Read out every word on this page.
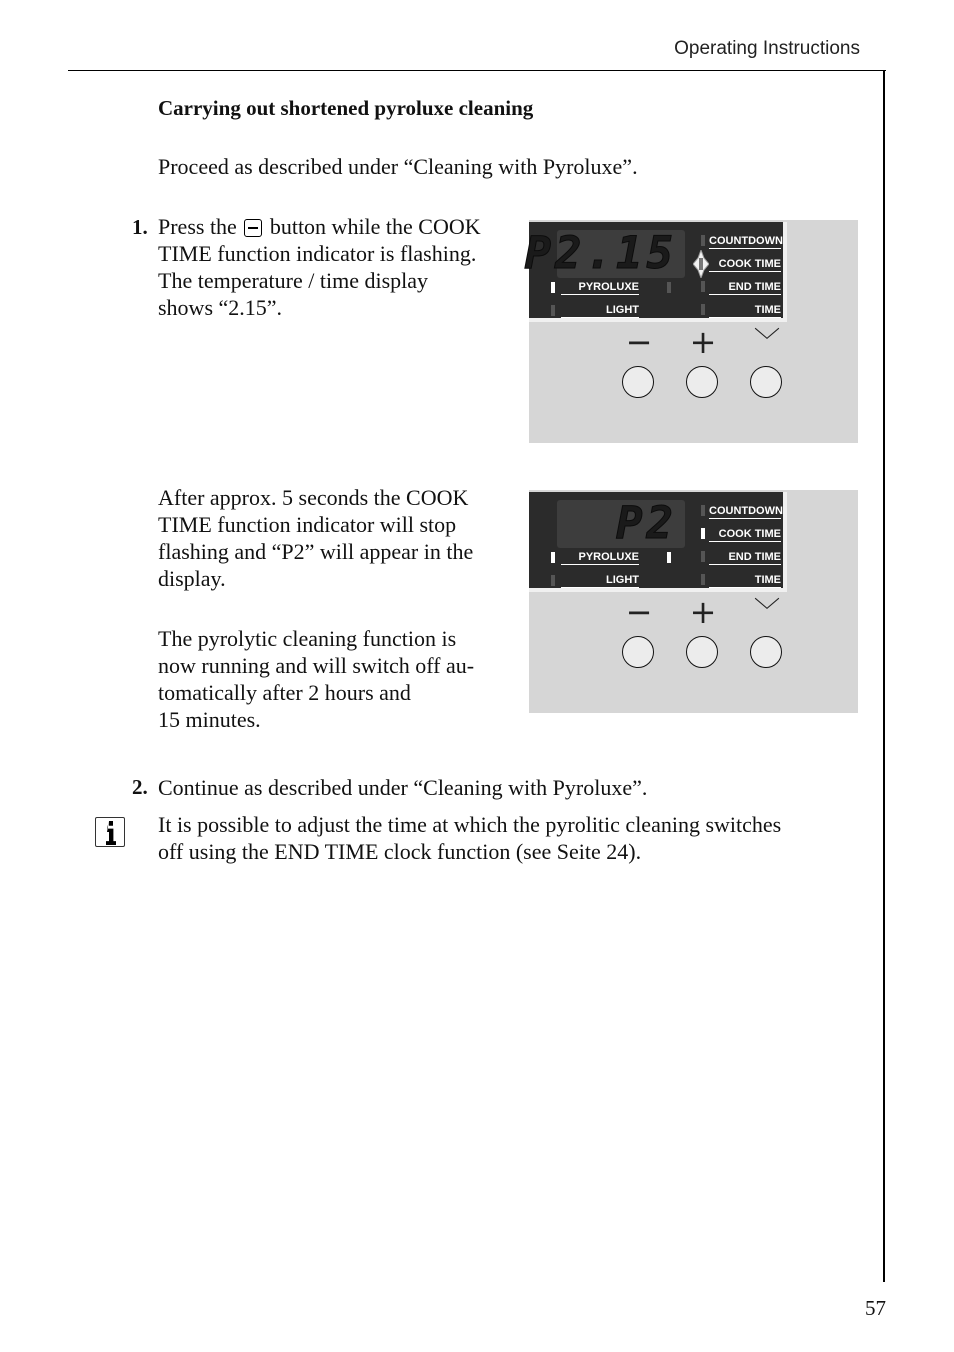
Operating Instructions
Carrying out shortened pyroluxe cleaning
Proceed as described under “Cleaning with Pyroluxe”.
1. Press the button while the COOK
TIME function indicator is flashing.
The temperature / time display
shows “2.15”.
P2.15
PYROLUXE
LIGHT
COUNTDOWN
COOK TIME
END TIME
TIME
− + ﹀
After approx. 5 seconds the COOK
TIME function indicator will stop
flashing and “P2” will appear in the
display.
The pyrolytic cleaning function is
now running and will switch off au-
tomatically after 2 hours and
15 minutes.
P2
PYROLUXE
LIGHT
COUNTDOWN
COOK TIME
END TIME
TIME
− + ﹀
2. Continue as described under “Cleaning with Pyroluxe”.
It is possible to adjust the time at which the pyrolitic cleaning switches
off using the END TIME clock function (see Seite 24).
57
